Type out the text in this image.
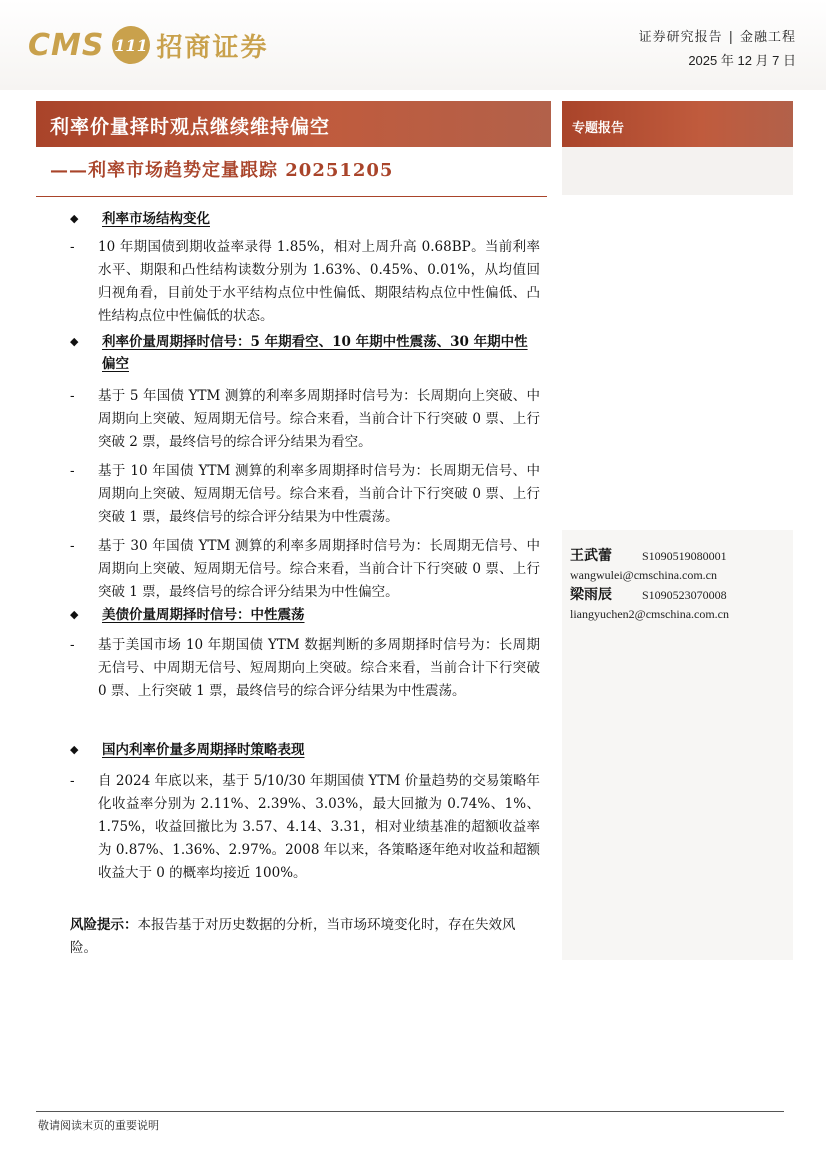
CMS 111 招商证券	证券研究报告 | 金融工程
2025 年 12 月 7 日
利率价量择时观点继续维持偏空
——利率市场趋势定量跟踪 20251205
专题报告
王武蕾	S1090519080001
wangwulei@cmschina.com.cn
梁雨辰	S1090523070008
liangyuchen2@cmschina.com.cn
◆	利率市场结构变化
-	10 年期国债到期收益率录得 1.85%，相对上周升高 0.68BP。当前利率水平、期限和凸性结构读数分别为 1.63%、0.45%、0.01%，从均值回归视角看，目前处于水平结构点位中性偏低、期限结构点位中性偏低、凸性结构点位中性偏低的状态。
◆	利率价量周期择时信号：5 年期看空、10 年期中性震荡、30 年期中性偏空
-	基于 5 年国债 YTM 测算的利率多周期择时信号为：长周期向上突破、中周期向上突破、短周期无信号。综合来看，当前合计下行突破 0 票、上行突破 2 票，最终信号的综合评分结果为看空。
-	基于 10 年国债 YTM 测算的利率多周期择时信号为：长周期无信号、中周期向上突破、短周期无信号。综合来看，当前合计下行突破 0 票、上行突破 1 票，最终信号的综合评分结果为中性震荡。
-	基于 30 年国债 YTM 测算的利率多周期择时信号为：长周期无信号、中周期向上突破、短周期无信号。综合来看，当前合计下行突破 0 票、上行突破 1 票，最终信号的综合评分结果为中性偏空。
◆	美债价量周期择时信号：中性震荡
-	基于美国市场 10 年期国债 YTM 数据判断的多周期择时信号为：长周期无信号、中周期无信号、短周期向上突破。综合来看，当前合计下行突破 0 票、上行突破 1 票，最终信号的综合评分结果为中性震荡。
◆	国内利率价量多周期择时策略表现
-	自 2024 年底以来，基于 5/10/30 年期国债 YTM 价量趋势的交易策略年化收益率分别为 2.11%、2.39%、3.03%，最大回撤为 0.74%、1%、1.75%，收益回撤比为 3.57、4.14、3.31，相对业绩基准的超额收益率为 0.87%、1.36%、2.97%。2008 年以来，各策略逐年绝对收益和超额收益大于 0 的概率均接近 100%。
风险提示：本报告基于对历史数据的分析，当市场环境变化时，存在失效风险。
敬请阅读末页的重要说明
